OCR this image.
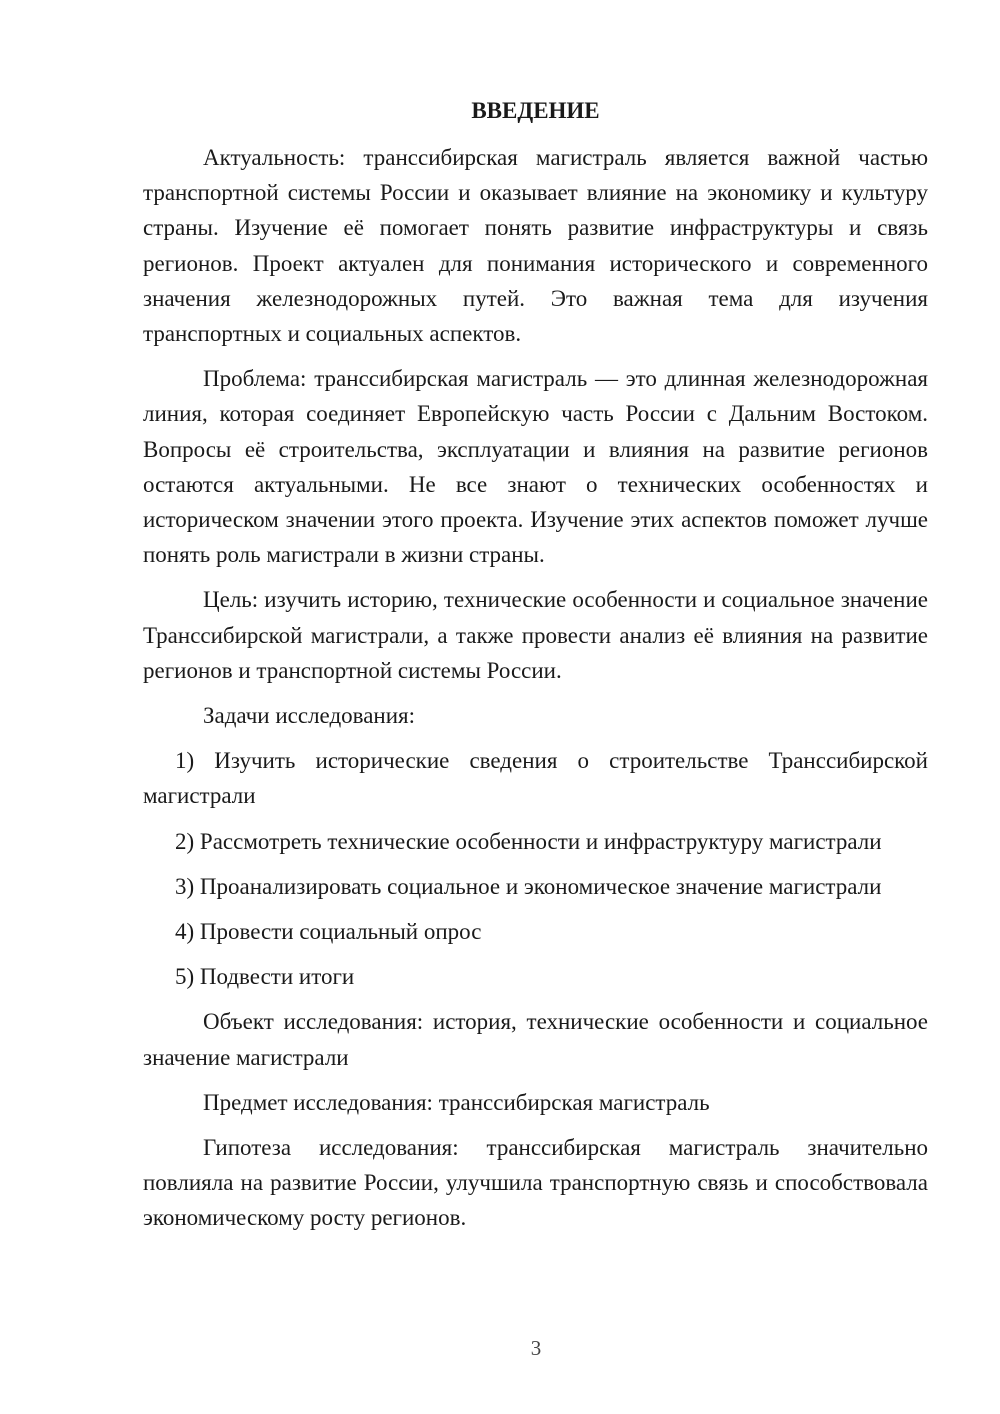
ВВЕДЕНИЕ

Актуальность: транссибирская магистраль является важной частью транспортной системы России и оказывает влияние на экономику и культуру страны. Изучение её помогает понять развитие инфраструктуры и связь регионов. Проект актуален для понимания исторического и современного значения железнодорожных путей. Это важная тема для изучения транспортных и социальных аспектов.

Проблема: транссибирская магистраль — это длинная железнодорожная линия, которая соединяет Европейскую часть России с Дальним Востоком. Вопросы её строительства, эксплуатации и влияния на развитие регионов остаются актуальными. Не все знают о технических особенностях и историческом значении этого проекта. Изучение этих аспектов поможет лучше понять роль магистрали в жизни страны.

Цель: изучить историю, технические особенности и социальное значение Транссибирской магистрали, а также провести анализ её влияния на развитие регионов и транспортной системы России.

Задачи исследования:

1) Изучить исторические сведения о строительстве Транссибирской магистрали

2) Рассмотреть технические особенности и инфраструктуру магистрали

3) Проанализировать социальное и экономическое значение магистрали

4) Провести социальный опрос

5) Подвести итоги

Объект исследования: история, технические особенности и социальное значение магистрали

Предмет исследования: транссибирская магистраль

Гипотеза исследования: транссибирская магистраль значительно повлияла на развитие России, улучшила транспортную связь и способствовала экономическому росту регионов.

3
